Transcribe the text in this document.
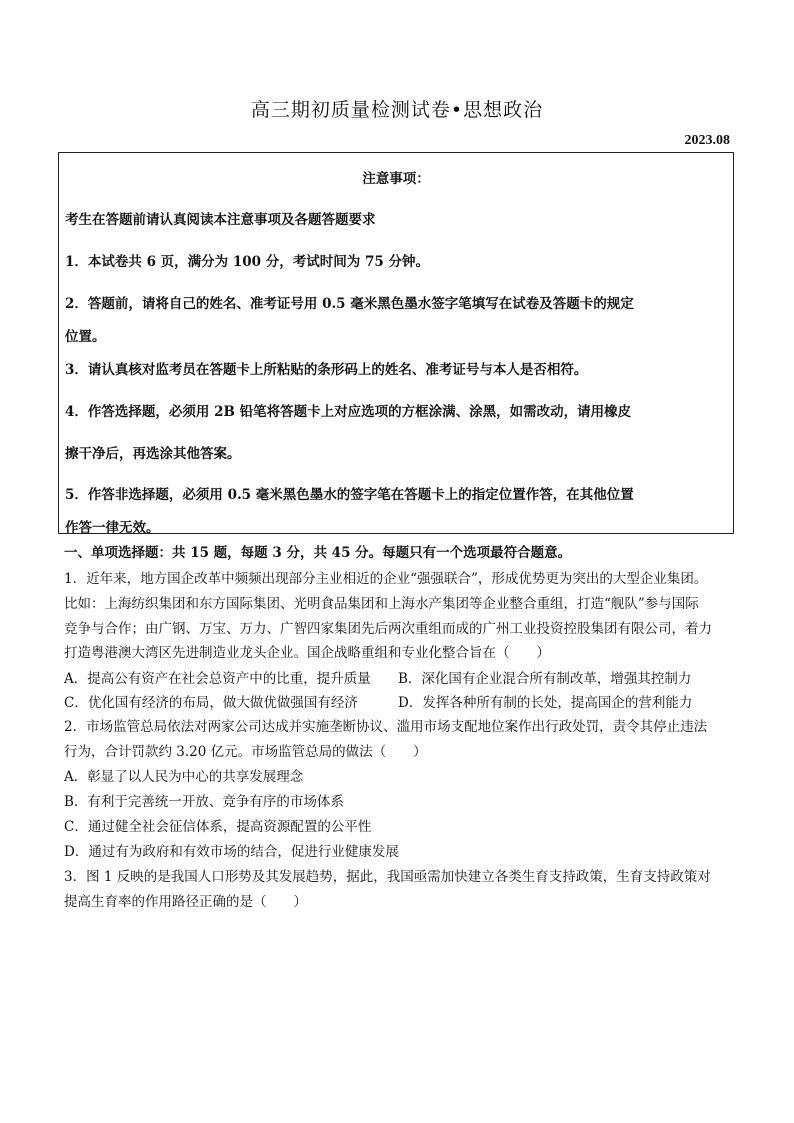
高三期初质量检测试卷•思想政治
2023.08
注意事项：
考生在答题前请认真阅读本注意事项及各题答题要求
1．本试卷共 6 页，满分为 100 分，考试时间为 75 分钟。
2．答题前，请将自己的姓名、准考证号用 0.5 毫米黑色墨水签字笔填写在试卷及答题卡的规定
位置。
3．请认真核对监考员在答题卡上所粘贴的条形码上的姓名、准考证号与本人是否相符。
4．作答选择题，必须用 2B 铅笔将答题卡上对应选项的方框涂满、涂黑，如需改动，请用橡皮
擦干净后，再选涂其他答案。
5．作答非选择题，必须用 0.5 毫米黑色墨水的签字笔在答题卡上的指定位置作答，在其他位置
作答一律无效。
一、单项选择题：共 15 题，每题 3 分，共 45 分。每题只有一个选项最符合题意。
1．近年来，地方国企改革中频频出现部分主业相近的企业“强强联合”，形成优势更为突出的大型企业集团。
比如：上海纺织集团和东方国际集团、光明食品集团和上海水产集团等企业整合重组，打造“舰队”参与国际
竞争与合作；由广钢、万宝、万力、广智四家集团先后两次重组而成的广州工业投资控股集团有限公司，着力
打造粤港澳大湾区先进制造业龙头企业。国企战略重组和专业化整合旨在（　　）
A．提高公有资产在社会总资产中的比重，提升质量 B．深化国有企业混合所有制改革，增强其控制力
C．优化国有经济的布局，做大做优做强国有经济	D．发挥各种所有制的长处，提高国企的营利能力
2．市场监管总局依法对两家公司达成并实施垄断协议、滥用市场支配地位案作出行政处罚，责令其停止违法
行为，合计罚款约 3.20 亿元。市场监管总局的做法（　　）
A．彰显了以人民为中心的共享发展理念
B．有利于完善统一开放、竞争有序的市场体系
C．通过健全社会征信体系，提高资源配置的公平性
D．通过有为政府和有效市场的结合，促进行业健康发展
3．图 1 反映的是我国人口形势及其发展趋势，据此，我国亟需加快建立各类生育支持政策，生育支持政策对
提高生育率的作用路径正确的是（　　）
